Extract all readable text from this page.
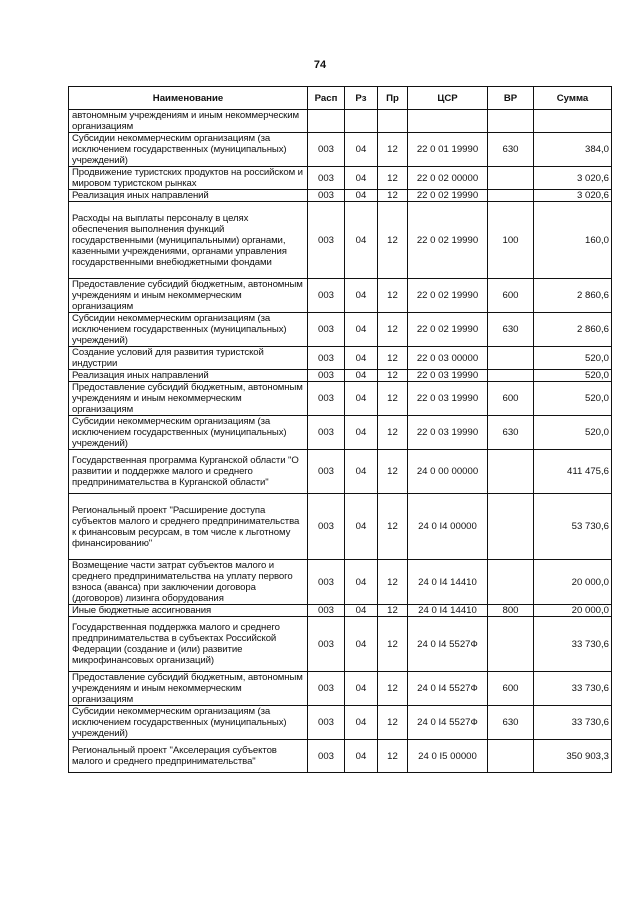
74
Наименование	Расп	Рз	Пр	ЦСР	ВР	Сумма
автономным учреждениям и иным некоммерческим организациям						
Субсидии некоммерческим организациям (за исключением государственных (муниципальных) учреждений)	003	04	12	22 0 01 19990	630	384,0
Продвижение туристских продуктов на российском и мировом туристском рынках	003	04	12	22 0 02 00000		3 020,6
Реализация иных направлений	003	04	12	22 0 02 19990		3 020,6
Расходы на выплаты персоналу в целях обеспечения выполнения функций государственными (муниципальными) органами, казенными учреждениями, органами управления государственными внебюджетными фондами	003	04	12	22 0 02 19990	100	160,0
Предоставление субсидий бюджетным, автономным учреждениям и иным некоммерческим организациям	003	04	12	22 0 02 19990	600	2 860,6
Субсидии некоммерческим организациям (за исключением государственных (муниципальных) учреждений)	003	04	12	22 0 02 19990	630	2 860,6
Создание условий для развития туристской индустрии	003	04	12	22 0 03 00000		520,0
Реализация иных направлений	003	04	12	22 0 03 19990		520,0
Предоставление субсидий бюджетным, автономным учреждениям и иным некоммерческим организациям	003	04	12	22 0 03 19990	600	520,0
Субсидии некоммерческим организациям (за исключением государственных (муниципальных) учреждений)	003	04	12	22 0 03 19990	630	520,0
Государственная программа Курганской области "О развитии и поддержке малого и среднего предпринимательства в Курганской области"	003	04	12	24 0 00 00000		411 475,6
Региональный проект "Расширение доступа субъектов малого и среднего предпринимательства к финансовым ресурсам, в том числе к льготному финансированию"	003	04	12	24 0 I4 00000		53 730,6
Возмещение части затрат субъектов малого и среднего предпринимательства на уплату первого взноса (аванса) при заключении договора (договоров) лизинга оборудования	003	04	12	24 0 I4 14410		20 000,0
Иные бюджетные ассигнования	003	04	12	24 0 I4 14410	800	20 000,0
Государственная поддержка малого и среднего предпринимательства в субъектах Российской Федерации (создание и (или) развитие микрофинансовых организаций)	003	04	12	24 0 I4 5527Ф		33 730,6
Предоставление субсидий бюджетным, автономным учреждениям и иным некоммерческим организациям	003	04	12	24 0 I4 5527Ф	600	33 730,6
Субсидии некоммерческим организациям (за исключением государственных (муниципальных) учреждений)	003	04	12	24 0 I4 5527Ф	630	33 730,6
Региональный проект "Акселерация субъектов малого и среднего предпринимательства"	003	04	12	24 0 I5 00000		350 903,3
